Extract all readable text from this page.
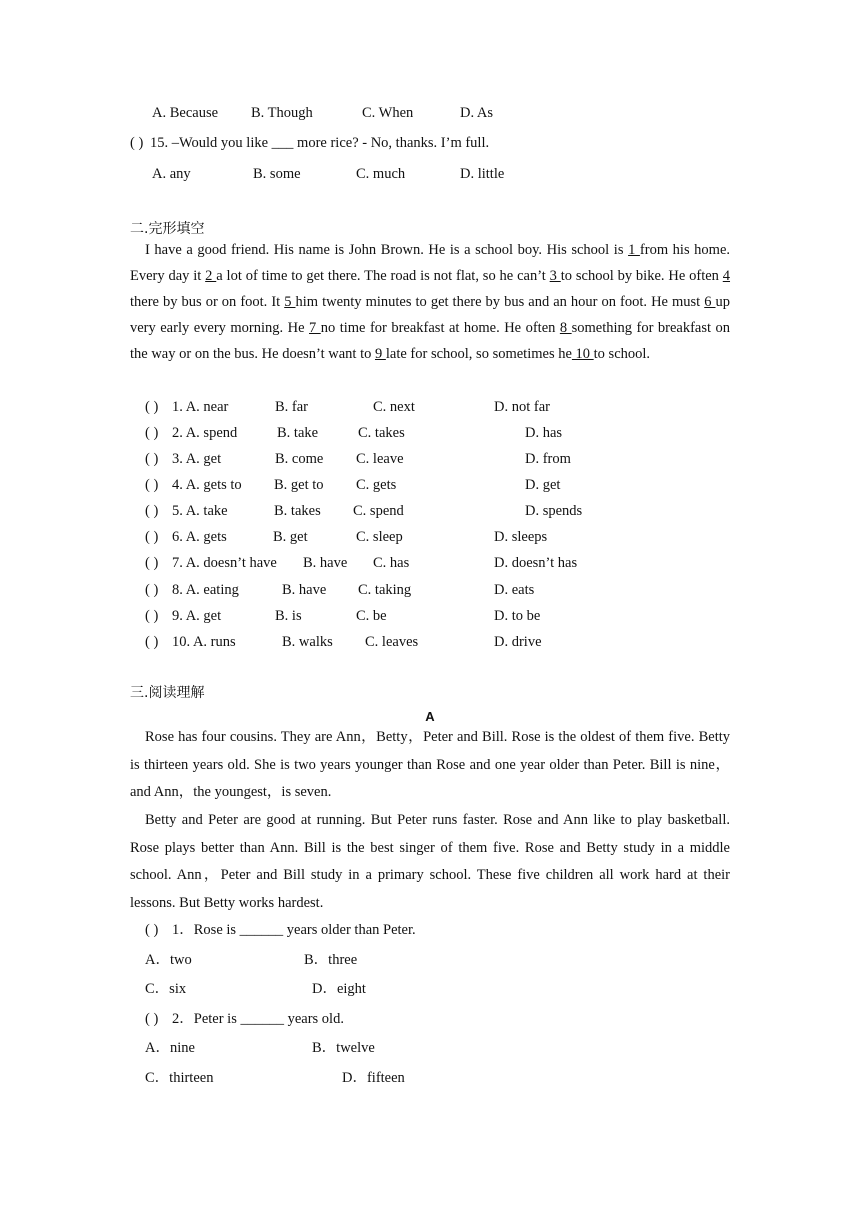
A. Because B. Though	C. When	D. As
( ) 15. –Would you like ___ more rice? - No, thanks. I’m full.
A. any	B. some	C. much	D. little
二.完形填空
I have a good friend. His name is John Brown. He is a school boy. His school is 1 from his home. Every day it 2 a lot of time to get there. The road is not flat, so he can’t 3 to school by bike. He often 4 there by bus or on foot. It 5 him twenty minutes to get there by bus and an hour on foot. He must 6 up very early every morning. He 7 no time for breakfast at home. He often 8 something for breakfast on the way or on the bus. He doesn’t want to 9 late for school, so sometimes he 10 to school.
( ) 1. A. near	B. far	C. next	D. not far
( ) 2. A. spend	B. take	C. takes	D. has
( ) 3. A. get	B. come C. leave	D. from
( ) 4. A. gets to B. get to C. gets	D. get
( ) 5. A. take	B. takes C. spend	D. spends
( ) 6. A. gets	B. get	C. sleep	D. sleeps
( ) 7. A. doesn’t have B. have C. has	D. doesn’t has
( ) 8. A. eating	B. have C. taking	D. eats
( ) 9. A. get	B. is	C. be	D. to be
( ) 10. A. runs	B. walks C. leaves	D. drive
三.阅读理解
A
Rose has four cousins. They are Ann，Betty，Peter and Bill. Rose is the oldest of them five. Betty is thirteen years old. She is two years younger than Rose and one year older than Peter. Bill is nine，and Ann，the youngest，is seven.
Betty and Peter are good at running. But Peter runs faster. Rose and Ann like to play basketball. Rose plays better than Ann. Bill is the best singer of them five. Rose and Betty study in a middle school. Ann，Peter and Bill study in a primary school. These five children all work hard at their lessons. But Betty works hardest.
( ) 1．Rose is ______ years older than Peter.
A．two	B．three
C．six	D．eight
( ) 2．Peter is ______ years old.
A．nine	B．twelve
C．thirteen	D．fifteen
